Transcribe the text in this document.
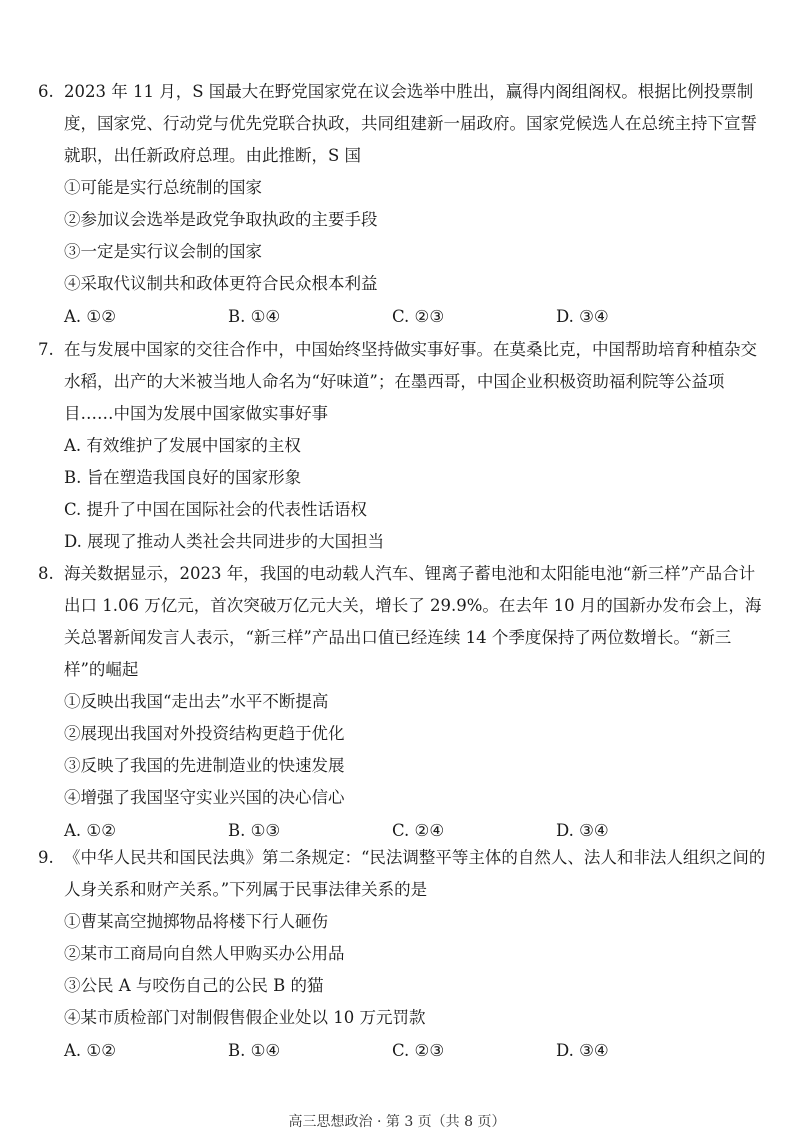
6. 2023 年 11 月，S 国最大在野党国家党在议会选举中胜出，赢得内阁组阁权。根据比例投票制度，国家党、行动党与优先党联合执政，共同组建新一届政府。国家党候选人在总统主持下宣誓就职，出任新政府总理。由此推断，S 国

①可能是实行总统制的国家

②参加议会选举是政党争取执政的主要手段

③一定是实行议会制的国家

④采取代议制共和政体更符合民众根本利益

A. ①②	B. ①④	C. ②③	D. ③④

7. 在与发展中国家的交往合作中，中国始终坚持做实事好事。在莫桑比克，中国帮助培育种植杂交水稻，出产的大米被当地人命名为“好味道”；在墨西哥，中国企业积极资助福利院等公益项目……中国为发展中国家做实事好事

A. 有效维护了发展中国家的主权

B. 旨在塑造我国良好的国家形象

C. 提升了中国在国际社会的代表性话语权

D. 展现了推动人类社会共同进步的大国担当

8. 海关数据显示，2023 年，我国的电动载人汽车、锂离子蓄电池和太阳能电池“新三样”产品合计出口 1.06 万亿元，首次突破万亿元大关，增长了 29.9%。在去年 10 月的国新办发布会上，海关总署新闻发言人表示，“新三样”产品出口值已经连续 14 个季度保持了两位数增长。“新三样”的崛起

①反映出我国“走出去”水平不断提高

②展现出我国对外投资结构更趋于优化

③反映了我国的先进制造业的快速发展

④增强了我国坚守实业兴国的决心信心

A. ①②	B. ①③	C. ②④	D. ③④

9. 《中华人民共和国民法典》第二条规定：“民法调整平等主体的自然人、法人和非法人组织之间的人身关系和财产关系。”下列属于民事法律关系的是

①曹某高空抛掷物品将楼下行人砸伤

②某市工商局向自然人甲购买办公用品

③公民 A 与咬伤自己的公民 B 的猫

④某市质检部门对制假售假企业处以 10 万元罚款

A. ①②	B. ①④	C. ②③	D. ③④
高三思想政治 · 第 3 页（共 8 页）
